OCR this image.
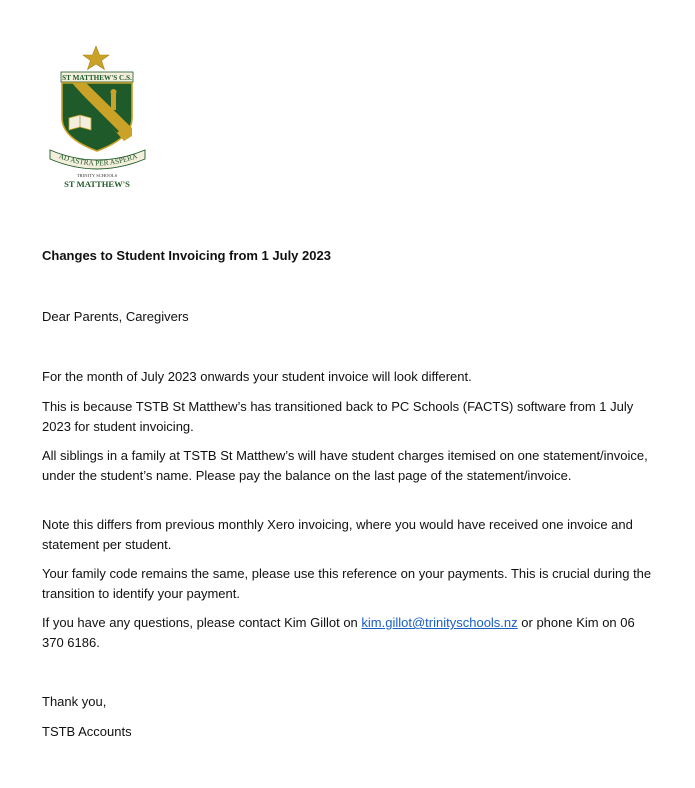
ST MATTHEW'S C.S.
AD ASTRA PER ASPERA
TRINITY SCHOOLS
ST MATTHEW'S
Changes to Student Invoicing from 1 July 2023

Dear Parents, Caregivers

For the month of July 2023 onwards your student invoice will look different.

This is because TSTB St Matthew’s has transitioned back to PC Schools (FACTS) software from 1 July 2023 for student invoicing.

All siblings in a family at TSTB St Matthew’s will have student charges itemised on one statement/invoice, under the student’s name. Please pay the balance on the last page of the statement/invoice.

Note this differs from previous monthly Xero invoicing, where you would have received one invoice and statement per student.

Your family code remains the same, please use this reference on your payments. This is crucial during the transition to identify your payment.

If you have any questions, please contact Kim Gillot on kim.gillot@trinityschools.nz or phone Kim on 06 370 6186.

Thank you,

TSTB Accounts
